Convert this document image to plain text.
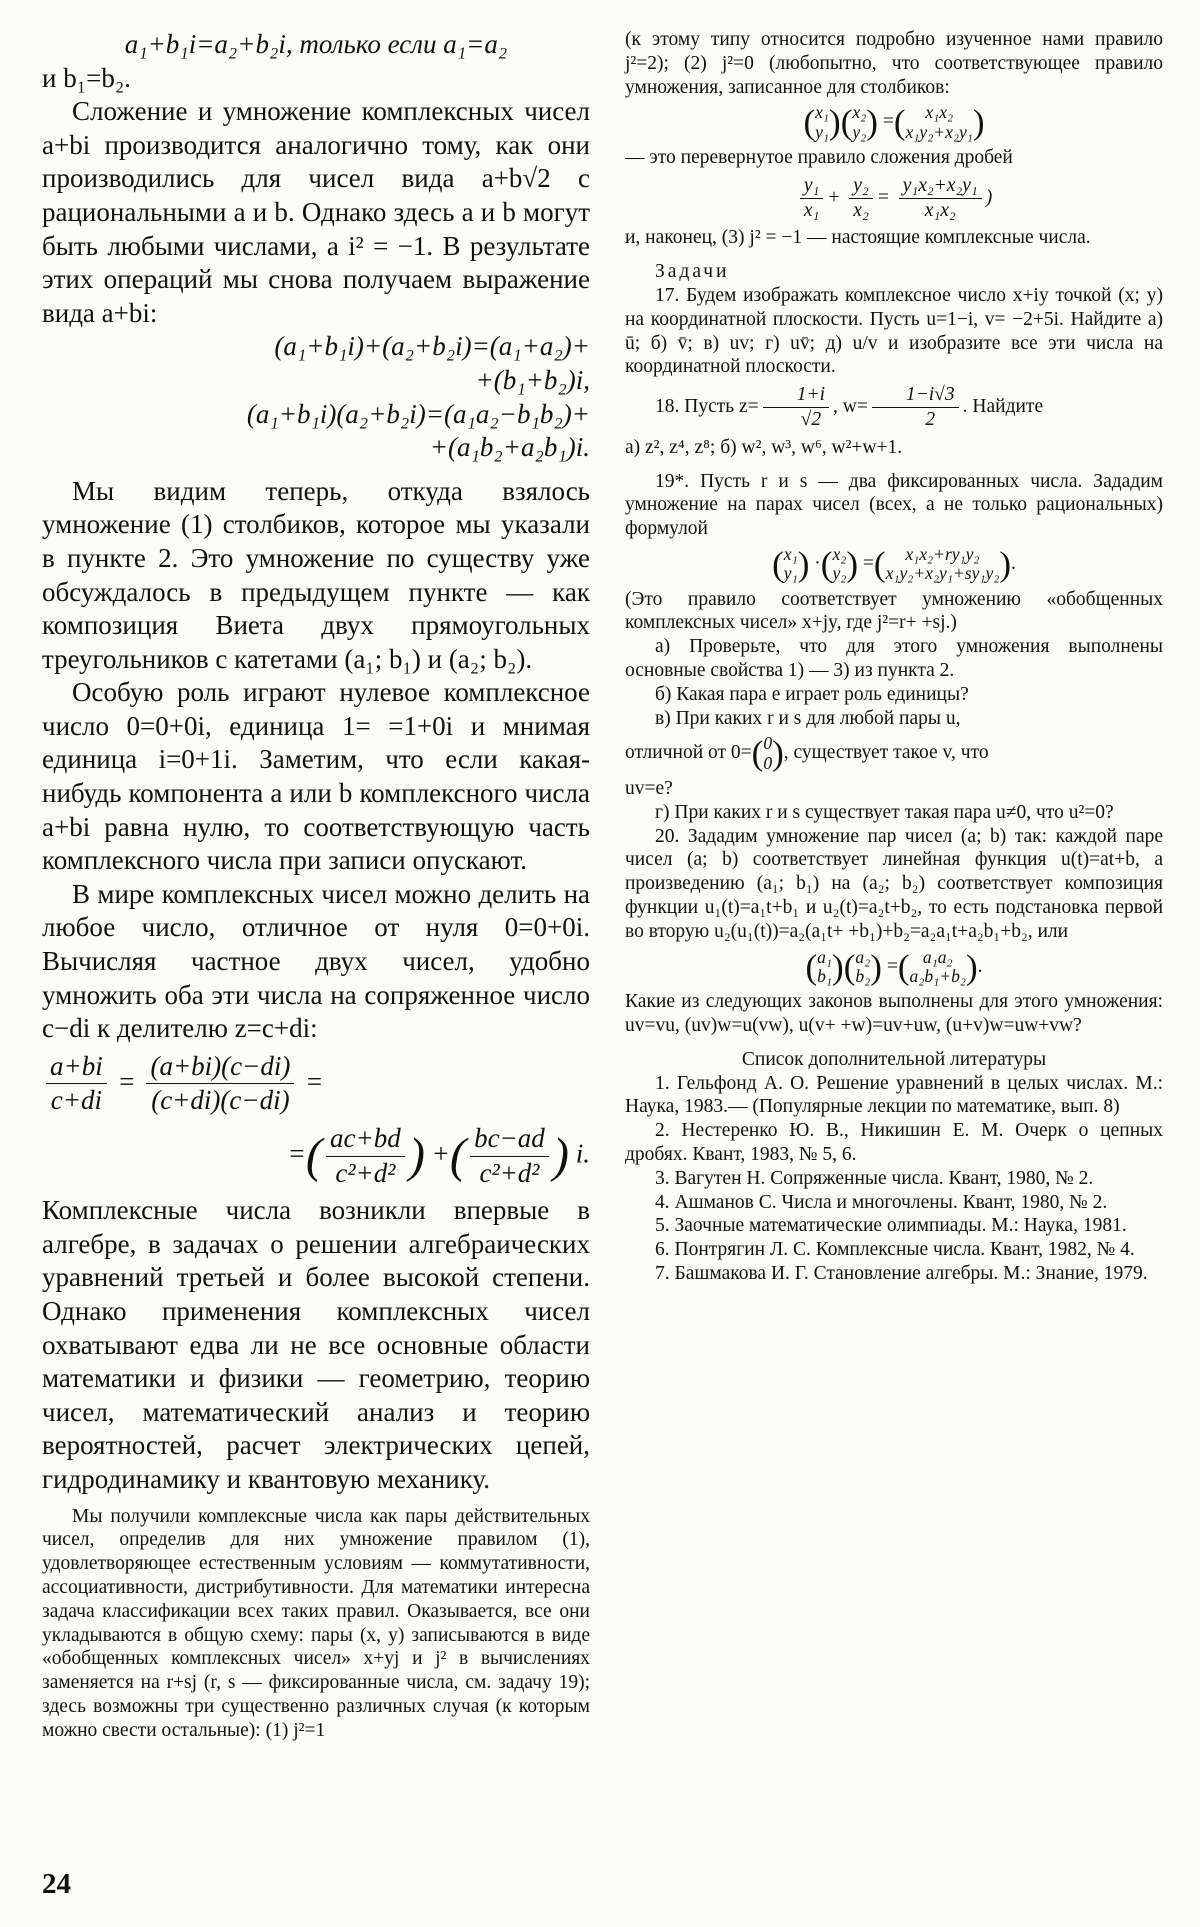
a₁+b₁i=a₂+b₂i, только если a₁=a₂

и b₁=b₂.

Сложение и умножение комплексных чисел a+bi производится аналогично тому, как они производились для чисел вида a+b√2 с рациональными a и b. Однако здесь a и b могут быть любыми числами, а i² = −1. В результате этих операций мы снова получаем выражение вида a+bi:

(a₁+b₁i)+(a₂+b₂i)=(a₁+a₂)+

+(b₁+b₂)i,

(a₁+b₁i)(a₂+b₂i)=(a₁a₂−b₁b₂)+

+(a₁b₂+a₂b₁)i.

Мы видим теперь, откуда взялось умножение (1) столбиков, которое мы указали в пункте 2. Это умножение по существу уже обсуждалось в предыдущем пункте — как композиция Виета двух прямоугольных треугольников с катетами (a₁; b₁) и (a₂; b₂).

Особую роль играют нулевое комплексное число 0=0+0i, единица 1= =1+0i и мнимая единица i=0+1i. Заметим, что если какая-нибудь компонента a или b комплексного числа a+bi равна нулю, то соответствующую часть комплексного числа при записи опускают.

В мире комплексных чисел можно делить на любое число, отличное от нуля 0=0+0i. Вычисляя частное двух чисел, удобно умножить оба эти числа на сопряженное число c−di к делителю z=c+di:

$\frac{a+bi}{c+di} = \frac{(a+bi)(c-di)}{(c+di)(c-di)}$ =
=( $\frac{ac+bd}{\text{c²+d²}}$ ) +( $\frac{bc-ad}{\text{c²+d²}}$ ) i.

Комплексные числа возникли впервые в алгебре, в задачах о решении алгебраических уравнений третьей и более высокой степени. Однако применения комплексных чисел охватывают едва ли не все основные области математики и физики — геометрию, теорию чисел, математический анализ и теорию вероятностей, расчет электрических цепей, гидродинамику и квантовую механику.

Мы получили комплексные числа как пары действительных чисел, определив для них умножение правилом (1), удовлетворяющее естественным условиям — коммутативности, ассоциативности, дистрибутивности. Для математики интересна задача классификации всех таких правил. Оказывается, все они укладываются в общую схему: пары (x, y) записываются в виде «обобщенных комплексных чисел» x+yj и j² в вычислениях заменяется на r+sj (r, s — фиксированные числа, см. задачу 19); здесь возможны три существенно различных случая (к которым можно свести остальные): (1) j²=1

(к этому типу относится подробно изученное нами правило j²=2); (2) j²=0 (любопытно, что соответствующее правило умножения, записанное для столбиков:

(x₁
y₁)(x₂
y₂) =( x₁x₂
x₁y₂+x₂y₁)

— это перевернутое правило сложения дробей

$\frac{\text{y₁}}{\text{x₁}} + \frac{\text{y₂}}{\text{x₂}} = \frac{\text{y₁x₂+x₂y₁}}{\text{x₁x₂}}$ )

и, наконец, (3) j² = −1 — настоящие комплексные числа.

Задачи

17. Будем изображать комплексное число x+iy точкой (x; y) на координатной плоскости. Пусть u=1−i, v= −2+5i. Найдите а) ū; б) v̄; в) uv; г) uv̄; д) u/v и изобразите все эти числа на координатной плоскости.

18. Пусть $z= \frac{1+i}{√2}$ , $w= \frac{1-i√3}{2}$ . Найдите

а) z², z⁴, z⁸; б) w², w³, w⁶, w²+w+1.

19*. Пусть r и s — два фиксированных числа. Зададим умножение на парах чисел (всех, а не только рациональных) формулой

(x₁
y₁) ·(x₂
y₂) =( x₁x₂+ry₁y₂
x₁y₂+x₂y₁+sy₁y₂).

(Это правило соответствует умножению «обобщенных комплексных чисел» x+jy, где j²=r+ +sj.)

а) Проверьте, что для этого умножения выполнены основные свойства 1) — 3) из пункта 2.

б) Какая пара e играет роль единицы?

в) При каких r и s для любой пары u,

отличной от 0=(0
0), существует такое v, что

uv=e?

г) При каких r и s существует такая пара u≠0, что u²=0?

20. Зададим умножение пар чисел (a; b) так: каждой паре чисел (a; b) соответствует линейная функция u(t)=at+b, а произведению (a₁; b₁) на (a₂; b₂) соответствует композиция функции u₁(t)=a₁t+b₁ и u₂(t)=a₂t+b₂, то есть подстановка первой во вторую u₂(u₁(t))=a₂(a₁t+ +b₁)+b₂=a₂a₁t+a₂b₁+b₂, или

(a₁
b₁)(a₂
b₂) =( a₁a₂
a₂b₁+b₂).

Какие из следующих законов выполнены для этого умножения: uv=vu, (uv)w=u(vw), u(v+ +w)=uv+uw, (u+v)w=uw+vw?

Список дополнительной литературы

1. Гельфонд А. О. Решение уравнений в целых числах. М.: Наука, 1983.— (Популярные лекции по математике, вып. 8)

2. Нестеренко Ю. В., Никишин Е. М. Очерк о цепных дробях. Квант, 1983, № 5, 6.

3. Вагутен Н. Сопряженные числа. Квант, 1980, № 2.

4. Ашманов С. Числа и многочлены. Квант, 1980, № 2.

5. Заочные математические олимпиады. М.: Наука, 1981.

6. Понтрягин Л. С. Комплексные числа. Квант, 1982, № 4.

7. Башмакова И. Г. Становление алгебры. М.: Знание, 1979.

24
